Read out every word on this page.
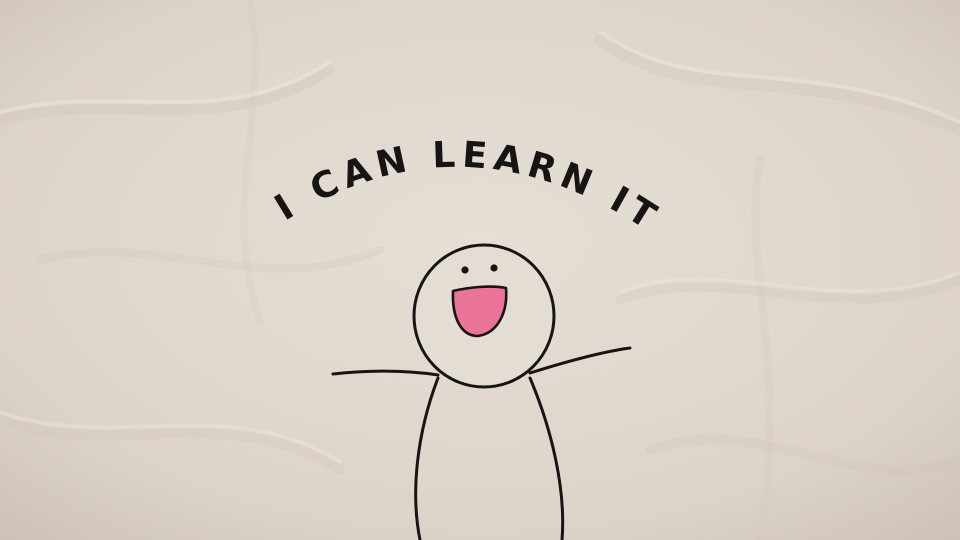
I CAN LEARN IT
